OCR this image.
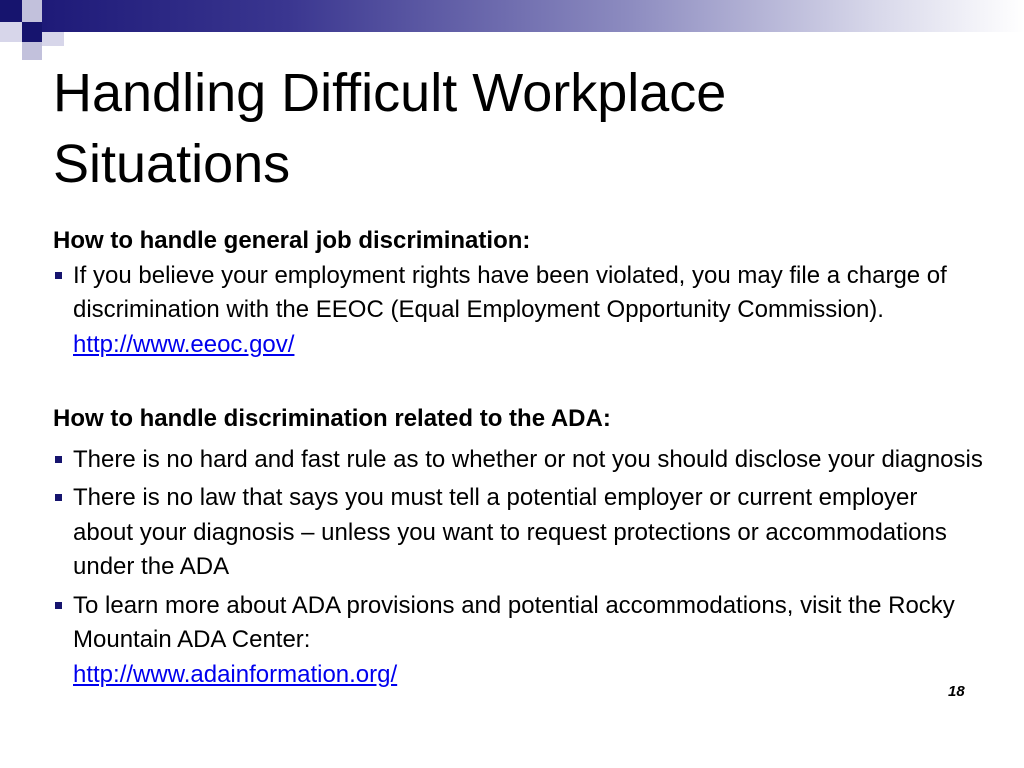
Handling Difficult Workplace Situations

How to handle general job discrimination:

If you believe your employment rights have been violated, you may file a charge of discrimination with the EEOC (Equal Employment Opportunity Commission). http://www.eeoc.gov/

How to handle discrimination related to the ADA:

There is no hard and fast rule as to whether or not you should disclose your diagnosis
There is no law that says you must tell a potential employer or current employer about your diagnosis – unless you want to request protections or accommodations under the ADA
To learn more about ADA provisions and potential accommodations, visit the Rocky Mountain ADA Center:
http://www.adainformation.org/
18
